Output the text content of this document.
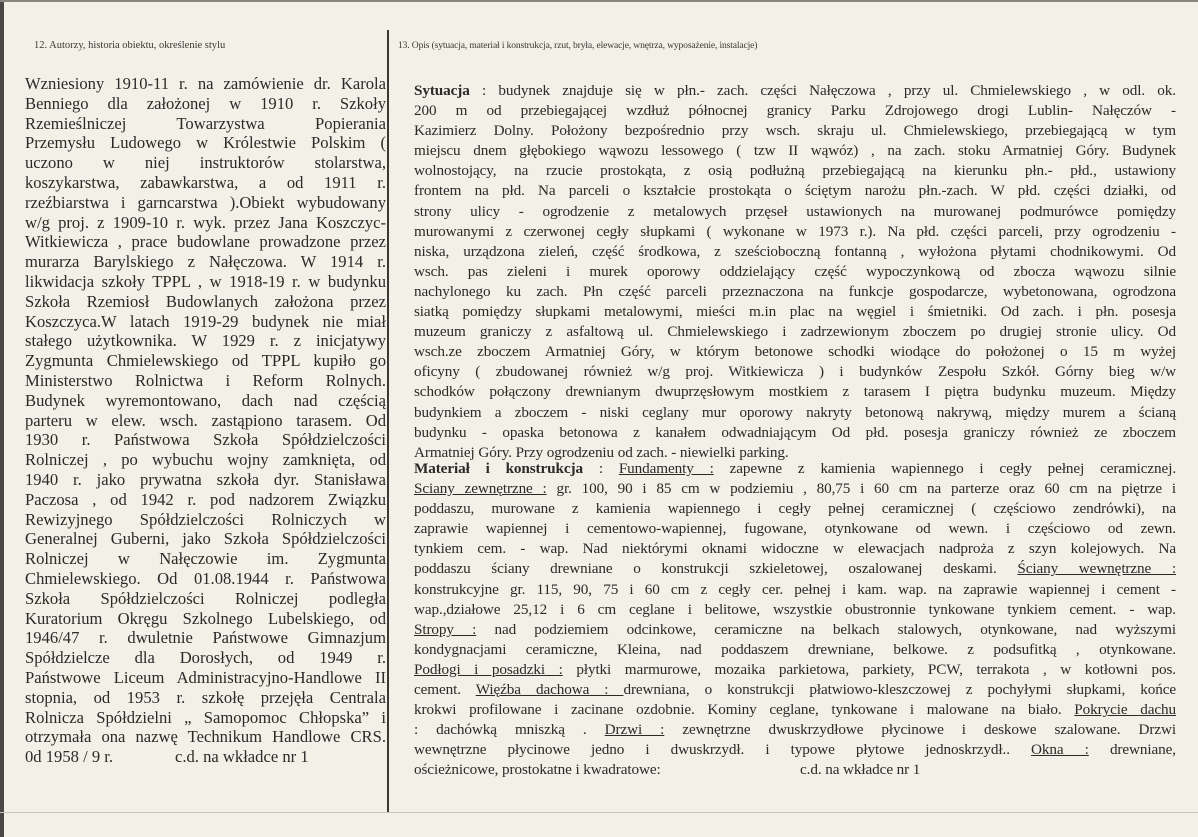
12. Autorzy, historia obiektu, określenie stylu	13. Opis (sytuacja, materiał i konstrukcja, rzut, bryła, elewacje, wnętrza, wyposażenie, instalacje)
Wzniesiony 1910-11 r. na zamówienie dr. Karola
Benniego dla założonej w 1910 r. Szkoły
Rzemieślniczej Towarzystwa Popierania
Przemysłu Ludowego w Królestwie Polskim (
uczono w niej instruktorów stolarstwa,
koszykarstwa, zabawkarstwa, a od 1911 r.
rzeźbiarstwa i garncarstwa ).Obiekt wybudowany
w/g proj. z 1909-10 r. wyk. przez Jana Koszczyc-
Witkiewicza , prace budowlane prowadzone przez
murarza Barylskiego z Nałęczowa. W 1914 r.
likwidacja szkoły TPPL , w 1918-19 r. w budynku
Szkoła Rzemiosł Budowlanych założona przez
Koszczyca.W latach 1919-29 budynek nie miał
stałego użytkownika. W 1929 r. z inicjatywy
Zygmunta Chmielewskiego od TPPL kupiło go
Ministerstwo Rolnictwa i Reform Rolnych.
Budynek wyremontowano, dach nad częścią
parteru w elew. wsch. zastąpiono tarasem. Od
1930 r. Państwowa Szkoła Spółdzielczości
Rolniczej , po wybuchu wojny zamknięta, od
1940 r. jako prywatna szkoła dyr. Stanisława
Paczosa , od 1942 r. pod nadzorem Związku
Rewizyjnego Spółdzielczości Rolniczych w
Generalnej Guberni, jako Szkoła Spółdzielczości
Rolniczej w Nałęczowie im. Zygmunta
Chmielewskiego. Od 01.08.1944 r. Państwowa
Szkoła Spółdzielczości Rolniczej podległa
Kuratorium Okręgu Szkolnego Lubelskiego, od
1946/47 r. dwuletnie Państwowe Gimnazjum
Spółdzielcze dla Dorosłych, od 1949 r.
Państwowe Liceum Administracyjno-Handlowe II
stopnia, od 1953 r. szkołę przejęła Centrala
Rolnicza Spółdzielni „ Samopomoc Chłopska” i
otrzymała ona nazwę Technikum Handlowe CRS.
0d 1958 / 9 r.	c.d. na wkładce nr 1
Sytuacja : budynek znajduje się w płn.- zach. części Nałęczowa , przy ul. Chmielewskiego , w odl. ok.
200 m od przebiegającej wzdłuż północnej granicy Parku Zdrojowego drogi Lublin- Nałęczów -
Kazimierz Dolny. Położony bezpośrednio przy wsch. skraju ul. Chmielewskiego, przebiegającą w tym
miejscu dnem głębokiego wąwozu lessowego ( tzw II wąwóz) , na zach. stoku Armatniej Góry. Budynek
wolnostojący, na rzucie prostokąta, z osią podłużną przebiegającą na kierunku płn.- płd., ustawiony
frontem na płd. Na parceli o kształcie prostokąta o ściętym narożu płn.-zach. W płd. części działki, od
strony ulicy - ogrodzenie z metalowych przęseł ustawionych na murowanej podmurówce pomiędzy
murowanymi z czerwonej cegły słupkami ( wykonane w 1973 r.). Na płd. części parceli, przy ogrodzeniu -
niska, urządzona zieleń, część środkowa, z sześcioboczną fontanną , wyłożona płytami chodnikowymi. Od
wsch. pas zieleni i murek oporowy oddzielający część wypoczynkową od zbocza wąwozu silnie
nachylonego ku zach. Płn część parceli przeznaczona na funkcje gospodarcze, wybetonowana, ogrodzona
siatką pomiędzy słupkami metalowymi, mieści m.in plac na węgiel i śmietniki. Od zach. i płn. posesja
muzeum graniczy z asfaltową ul. Chmielewskiego i zadrzewionym zboczem po drugiej stronie ulicy. Od
wsch.ze zboczem Armatniej Góry, w którym betonowe schodki wiodące do położonej o 15 m wyżej
oficyny ( zbudowanej również w/g proj. Witkiewicza ) i budynków Zespołu Szkół. Górny bieg w/w
schodków połączony drewnianym dwuprzęsłowym mostkiem z tarasem I piętra budynku muzeum. Między
budynkiem a zboczem - niski ceglany mur oporowy nakryty betonową nakrywą, między murem a ścianą
budynku - opaska betonowa z kanałem odwadniającym Od płd. posesja graniczy również ze zboczem
Armatniej Góry. Przy ogrodzeniu od zach. - niewielki parking.
Materiał i konstrukcja : Fundamenty : zapewne z kamienia wapiennego i cegły pełnej ceramicznej.
Sciany zewnętrzne : gr. 100, 90 i 85 cm w podziemiu , 80,75 i 60 cm na parterze oraz 60 cm na piętrze i
poddaszu, murowane z kamienia wapiennego i cegły pełnej ceramicznej ( częściowo zendrówki), na
zaprawie wapiennej i cementowo-wapiennej, fugowane, otynkowane od wewn. i częściowo od zewn.
tynkiem cem. - wap. Nad niektórymi oknami widoczne w elewacjach nadproża z szyn kolejowych. Na
poddaszu ściany drewniane o konstrukcji szkieletowej, oszalowanej deskami. Ściany wewnętrzne :
konstrukcyjne gr. 115, 90, 75 i 60 cm z cegły cer. pełnej i kam. wap. na zaprawie wapiennej i cement -
wap.,działowe 25,12 i 6 cm ceglane i belitowe, wszystkie obustronnie tynkowane tynkiem cement. - wap.
Stropy : nad podziemiem odcinkowe, ceramiczne na belkach stalowych, otynkowane, nad wyższymi
kondygnacjami ceramiczne, Kleina, nad poddaszem drewniane, belkowe. z podsufitką , otynkowane.
Podłogi i posadzki : płytki marmurowe, mozaika parkietowa, parkiety, PCW, terrakota , w kotłowni pos.
cement. Więźba dachowa : drewniana, o konstrukcji płatwiowo-kleszczowej z pochyłymi słupkami, końce
krokwi profilowane i zacinane ozdobnie. Kominy ceglane, tynkowane i malowane na biało. Pokrycie dachu
: dachówką mniszką . Drzwi : zewnętrzne dwuskrzydłowe płycinowe i deskowe szalowane. Drzwi
wewnętrzne płycinowe jedno i dwuskrzydł. i typowe płytowe jednoskrzydł.. Okna : drewniane,
ościeżnicowe, prostokatne i kwadratowe:	c.d. na wkładce nr 1
